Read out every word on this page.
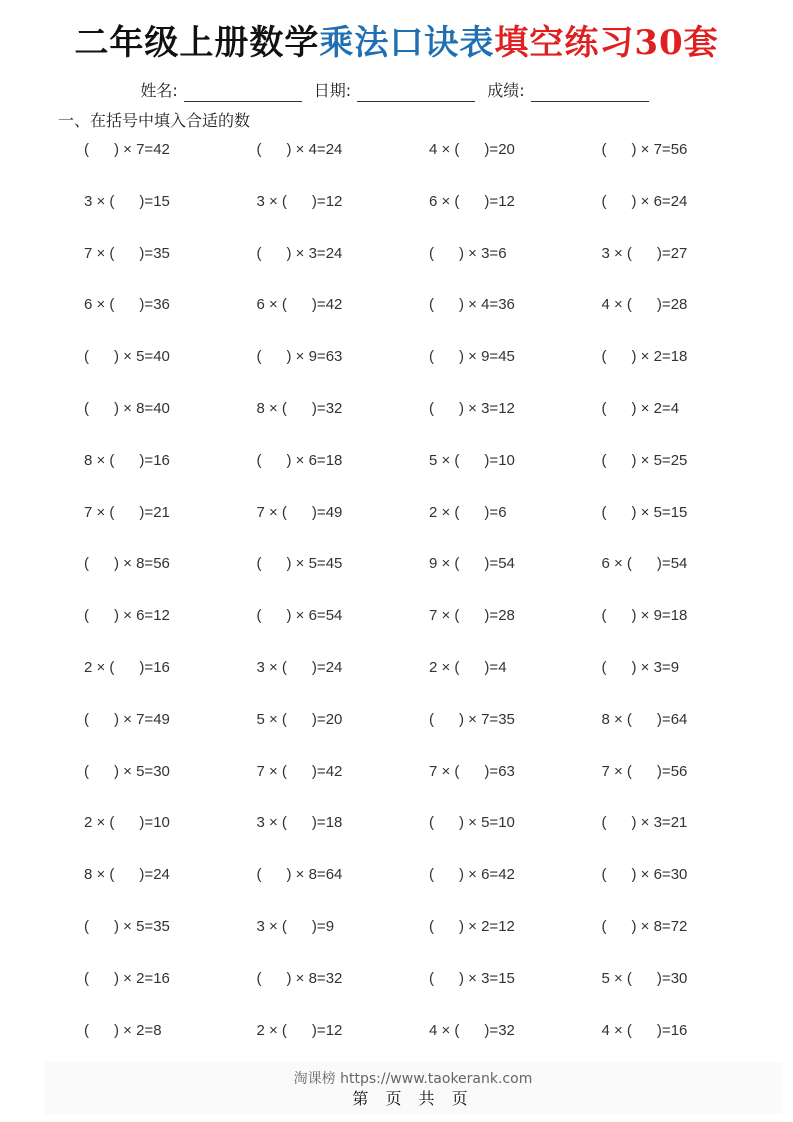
二年级上册数学乘法口诀表填空练习30套
姓名:	日期:	成绩:
一、在括号中填入合适的数
(      ) × 7=42	(      ) × 4=24	4 × (      )=20	(      ) × 7=56
3 × (      )=15	3 × (      )=12	6 × (      )=12	(      ) × 6=24
7 × (      )=35	(      ) × 3=24	(      ) × 3=6	3 × (      )=27
6 × (      )=36	6 × (      )=42	(      ) × 4=36	4 × (      )=28
(      ) × 5=40	(      ) × 9=63	(      ) × 9=45	(      ) × 2=18
(      ) × 8=40	8 × (      )=32	(      ) × 3=12	(      ) × 2=4
8 × (      )=16	(      ) × 6=18	5 × (      )=10	(      ) × 5=25
7 × (      )=21	7 × (      )=49	2 × (      )=6	(      ) × 5=15
(      ) × 8=56	(      ) × 5=45	9 × (      )=54	6 × (      )=54
(      ) × 6=12	(      ) × 6=54	7 × (      )=28	(      ) × 9=18
2 × (      )=16	3 × (      )=24	2 × (      )=4	(      ) × 3=9
(      ) × 7=49	5 × (      )=20	(      ) × 7=35	8 × (      )=64
(      ) × 5=30	7 × (      )=42	7 × (      )=63	7 × (      )=56
2 × (      )=10	3 × (      )=18	(      ) × 5=10	(      ) × 3=21
8 × (      )=24	(      ) × 8=64	(      ) × 6=42	(      ) × 6=30
(      ) × 5=35	3 × (      )=9	(      ) × 2=12	(      ) × 8=72
(      ) × 2=16	(      ) × 8=32	(      ) × 3=15	5 × (      )=30
(      ) × 2=8	2 × (      )=12	4 × (      )=32	4 × (      )=16
淘课榜 https://www.taokerank.com
第 页 共 页
